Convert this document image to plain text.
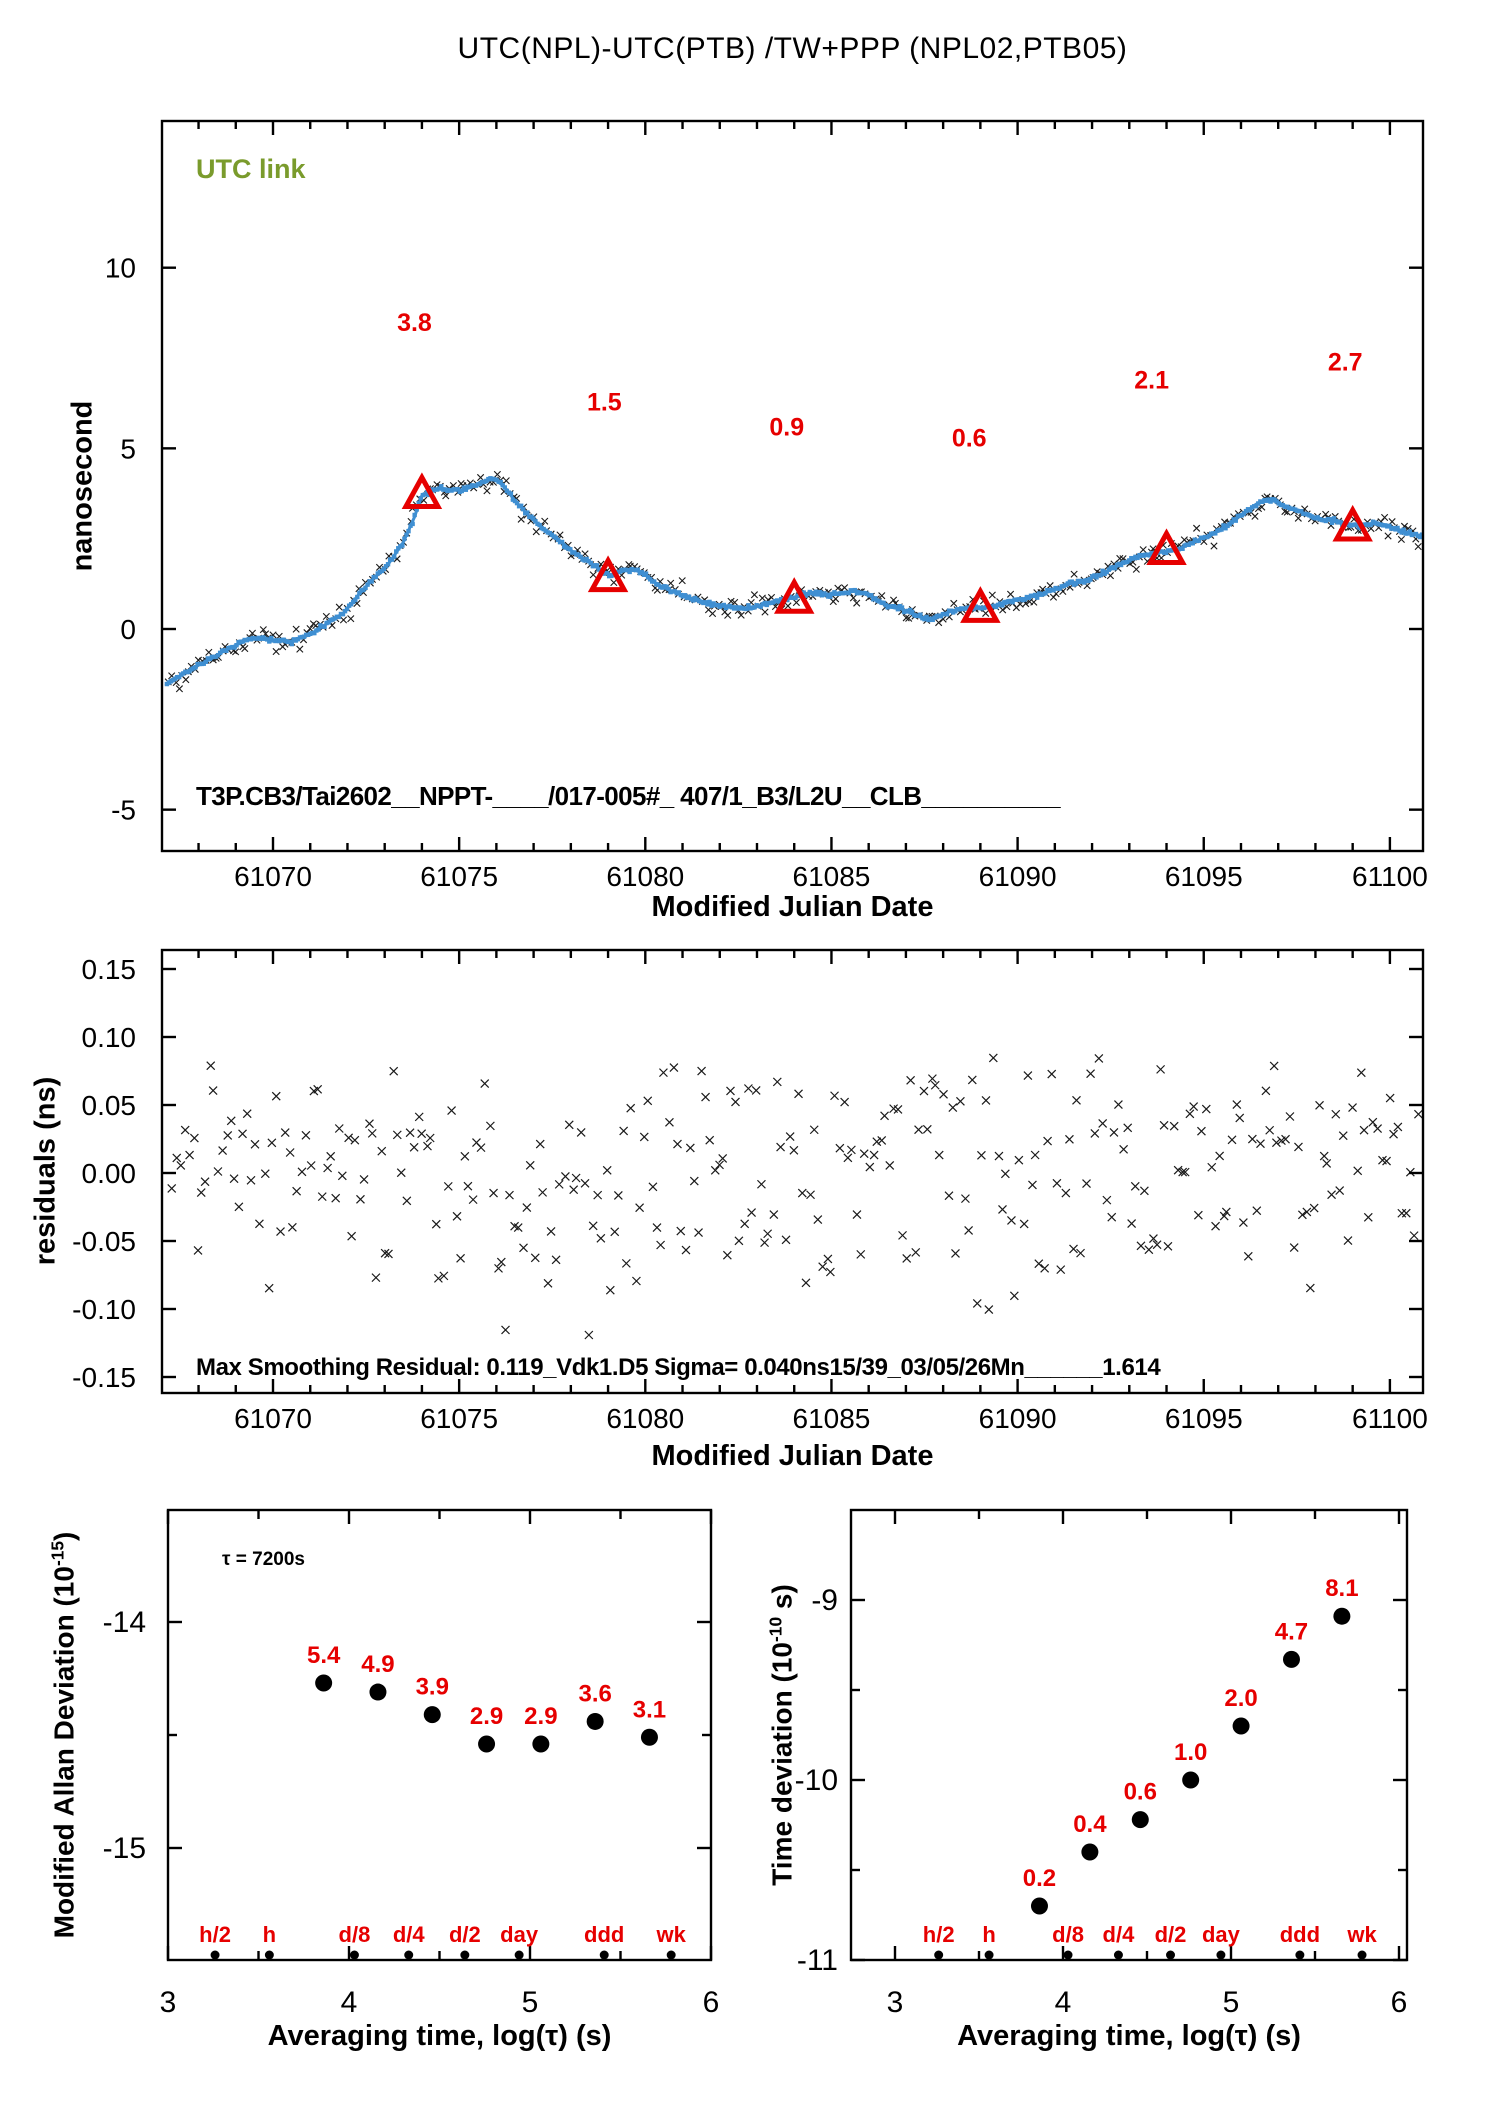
3.8
1.5
0.9	0.6
2.1
2.7
61070	61075	61080	61085	61090	61095	61100
-5
0
5
10
61070	61075	61080	61085	61090	61095	61100
0.15
0.10
0.05
0.00
-0.05
-0.10
-0.15
3	4	5	6
-14
-15
h/2 h	d/8 d/4 d/2 day ddd wk
5.4 4.9
3.9
2.9 2.9
3.6
3.1
3	4	5	6
-9
-10
-11
h/2 h	d/8 d/4 d/2 day ddd wk
0.2
0.4
0.6
1.0
2.0
4.7
8.1
UTC(NPL)-UTC(PTB) /TW+PPP (NPL02,PTB05)
UTC link
T3P.CB3/Tai2602__NPPT-____/017-005#_ 407/1_B3/L2U__CLB__________
Max Smoothing Residual: 0.119_Vdk1.D5 Sigma= 0.040ns15/39_03/05/26Mn______1.614
τ = 7200s
Modified Julian Date
Modified Julian Date
Averaging time, log(τ) (s)	Averaging time, log(τ) (s)
nanosecond
residuals (ns)
Modified Allan Deviation $(10^{-15})$
Time deviation ($10^{-10}$ s)
